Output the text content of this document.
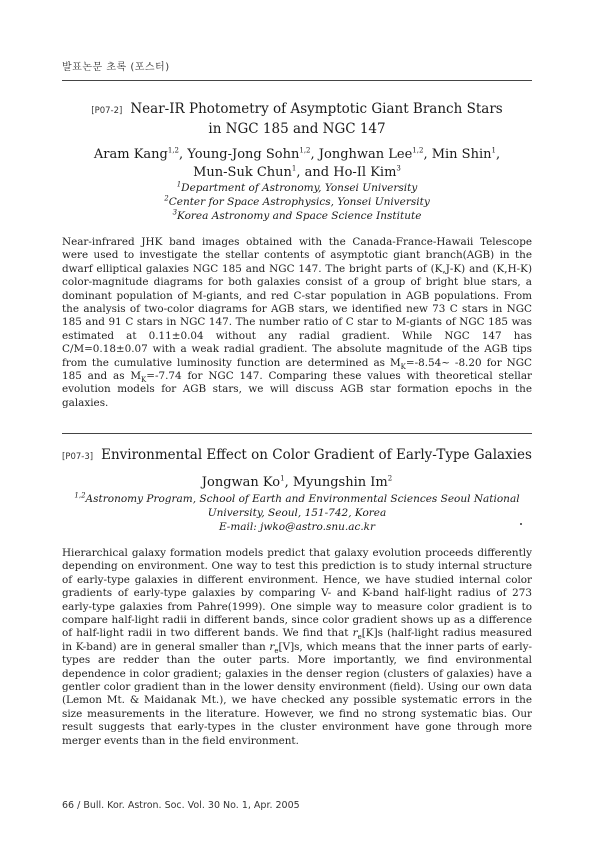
발표논문 초록 (포스터)
[P07-2] Near-IR Photometry of Asymptotic Giant Branch Stars
in NGC 185 and NGC 147
Aram Kang$^{1,2}$, Young-Jong Sohn$^{1,2}$, Jonghwan Lee$^{1,2}$, Min Shin$^1$,
Mun-Suk Chun$^1$, and Ho-Il Kim$^3$
$^1$Department of Astronomy, Yonsei University
$^2$Center for Space Astrophysics, Yonsei University
$^3$Korea Astronomy and Space Science Institute

Near-infrared JHK band images obtained with the Canada-France-Hawaii Telescope were used to investigate the stellar contents of asymptotic giant branch(AGB) in the dwarf elliptical galaxies NGC 185 and NGC 147. The bright parts of (K,J-K) and (K,H-K) color-magnitude diagrams for both galaxies consist of a group of bright blue stars, a dominant population of M-giants, and red C-star population in AGB populations. From the analysis of two-color diagrams for AGB stars, we identified new 73 C stars in NGC 185 and 91 C stars in NGC 147. The number ratio of C star to M-giants of NGC 185 was estimated at 0.11±0.04 without any radial gradient. While NGC 147 has C/M=0.18±0.07 with a weak radial gradient. The absolute magnitude of the AGB tips from the cumulative luminosity function are determined as $M_K=-8.54\sim$ -8.20 for NGC 185 and as $M_K=-7.74$ for NGC 147. Comparing these values with theoretical stellar evolution models for AGB stars, we will discuss AGB star formation epochs in the galaxies.

[P07-3] Environmental Effect on Color Gradient of Early-Type Galaxies
Jongwan Ko$^1$, Myungshin Im$^2$
$^{1,2}$Astronomy Program, School of Earth and Environmental Sciences Seoul National
University, Seoul, 151-742, Korea
E-mail: jwko@astro.snu.ac.kr

Hierarchical galaxy formation models predict that galaxy evolution proceeds differently depending on environment. One way to test this prediction is to study internal structure of early-type galaxies in different environment. Hence, we have studied internal color gradients of early-type galaxies by comparing V- and K-band half-light radius of 273 early-type galaxies from Pahre(1999). One simple way to measure color gradient is to compare half-light radii in different bands, since color gradient shows up as a difference of half-light radii in two different bands. We find that $r_e[K]s$ (half-light radius measured in K-band) are in general smaller than $r_e[V]s$, which means that the inner parts of early-types are redder than the outer parts. More importantly, we find environmental dependence in color gradient; galaxies in the denser region (clusters of galaxies) have a gentler color gradient than in the lower density environment (field). Using our own data (Lemon Mt. & Maidanak Mt.), we have checked any possible systematic errors in the size measurements in the literature. However, we find no strong systematic bias. Our result suggests that early-types in the cluster environment have gone through more merger events than in the field environment.

66 / Bull. Kor. Astron. Soc. Vol. 30 No. 1, Apr. 2005
